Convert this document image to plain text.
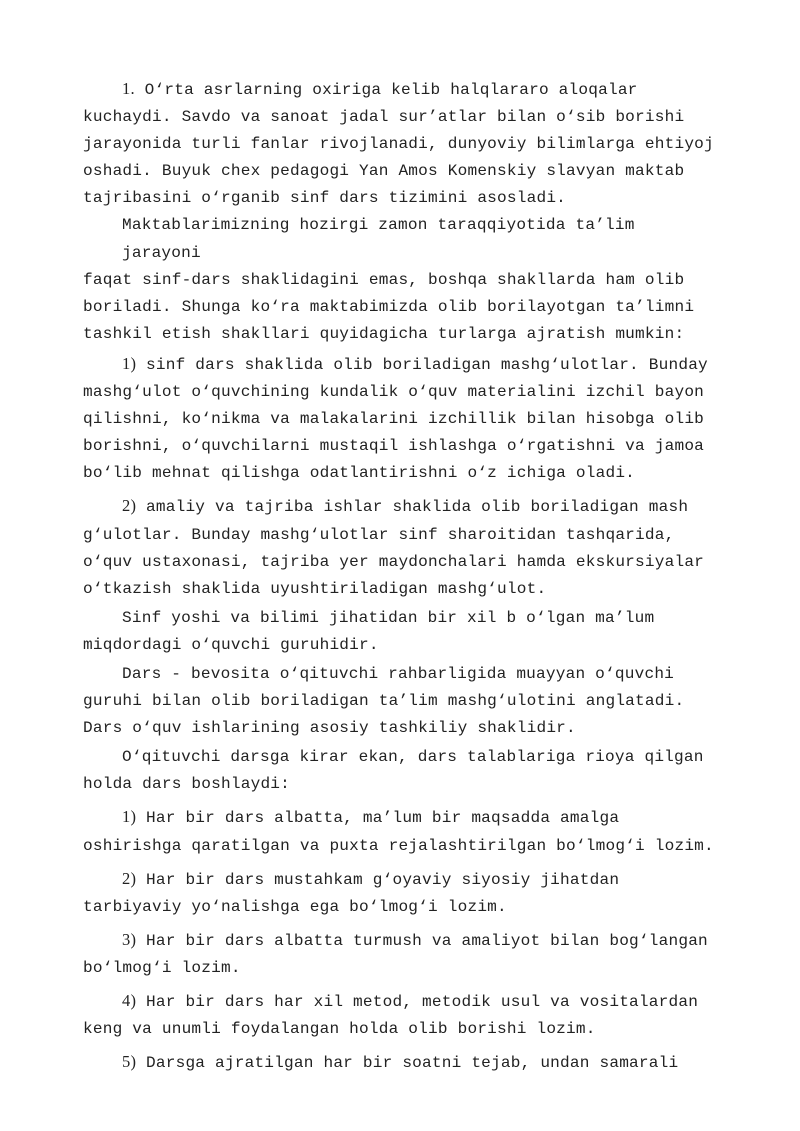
1. O‘rta asrlarning oxiriga kelib halqlararo aloqalar
kuchaydi. Savdo va sanoat jadal sur’atlar bilan o‘sib borishi
jarayonida turli fanlar rivojlanadi, dunyoviy bilimlarga ehtiyoj
oshadi. Buyuk chex pedagogi Yan Amos Komenskiy slavyan maktab
tajribasini o‘rganib sinf dars tizimini asosladi.

Maktablarimizning hozirgi zamon taraqqiyotida ta’lim jarayoni
faqat sinf-dars shaklidagini emas, boshqa shakllarda ham olib
boriladi. Shunga ko‘ra maktabimizda olib borilayotgan ta’limni
tashkil etish shakllari quyidagicha turlarga ajratish mumkin:

1) sinf dars shaklida olib boriladigan mashg‘ulotlar. Bunday
mashg‘ulot o‘quvchining kundalik o‘quv materialini izchil bayon
qilishni, ko‘nikma va malakalarini izchillik bilan hisobga olib
borishni, o‘quvchilarni mustaqil ishlashga o‘rgatishni va jamoa
bo‘lib mehnat qilishga odatlantirishni o‘z ichiga oladi.

2) amaliy va tajriba ishlar shaklida olib boriladigan mash
g‘ulotlar. Bunday mashg‘ulotlar sinf sharoitidan tashqarida,
o‘quv ustaxonasi, tajriba yer maydonchalari hamda ekskursiyalar
o‘tkazish shaklida uyushtiriladigan mashg‘ulot.

Sinf yoshi va bilimi jihatidan bir xil b o‘lgan ma’lum
miqdordagi o‘quvchi guruhidir.

Dars - bevosita o‘qituvchi rahbarligida muayyan o‘quvchi
guruhi bilan olib boriladigan ta’lim mashg‘ulotini anglatadi.
Dars o‘quv ishlarining asosiy tashkiliy shaklidir.

O‘qituvchi darsga kirar ekan, dars talablariga rioya qilgan
holda dars boshlaydi:

1) Har bir dars albatta, ma’lum bir maqsadda amalga
oshirishga qaratilgan va puxta rejalashtirilgan bo‘lmog‘i lozim.

2) Har bir dars mustahkam g‘oyaviy siyosiy jihatdan
tarbiyaviy yo‘nalishga ega bo‘lmog‘i lozim.

3) Har bir dars albatta turmush va amaliyot bilan bog‘langan
bo‘lmog‘i lozim.

4) Har bir dars har xil metod, metodik usul va vositalardan
keng va unumli foydalangan holda olib borishi lozim.

5) Darsga ajratilgan har bir soatni tejab, undan samarali
